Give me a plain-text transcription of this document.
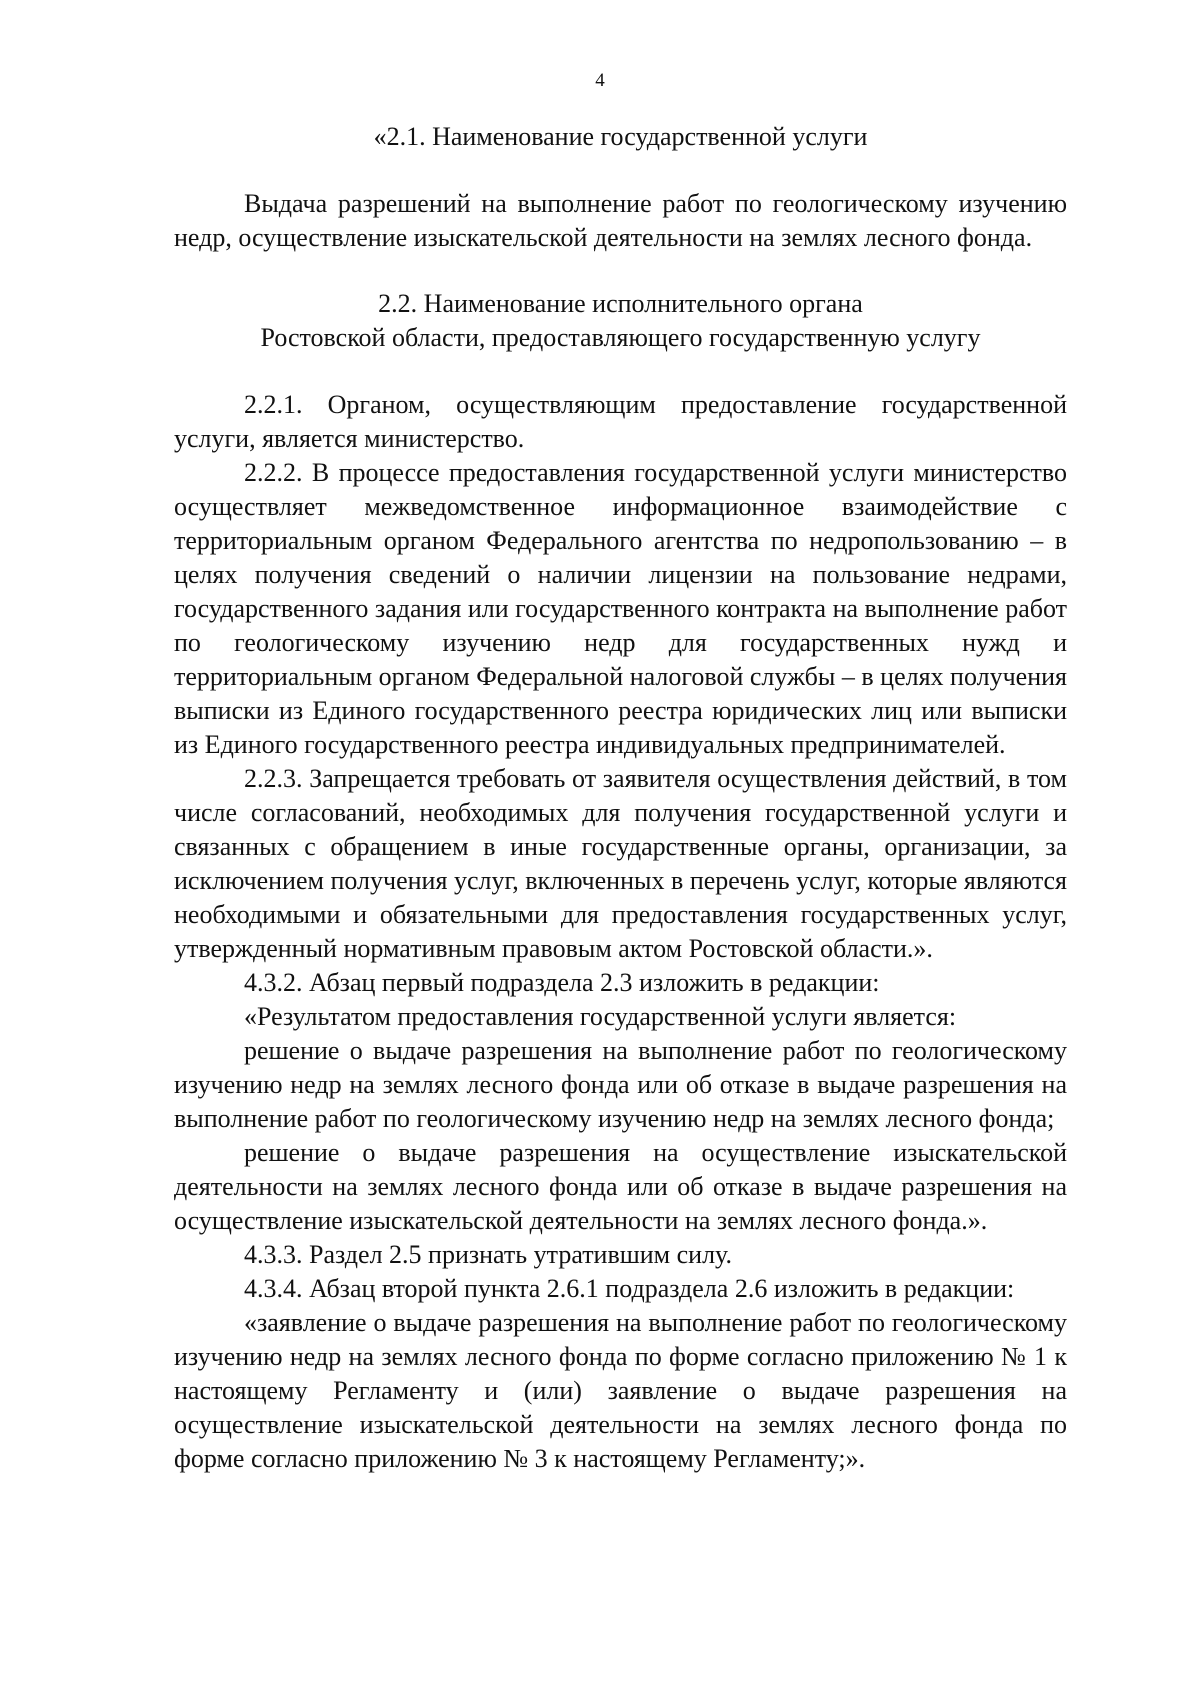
4

«2.1. Наименование государственной услуги

Выдача разрешений на выполнение работ по геологическому изучению недр, осуществление изыскательской деятельности на землях лесного фонда.

2.2. Наименование исполнительного органа

Ростовской области, предоставляющего государственную услугу

2.2.1. Органом, осуществляющим предоставление государственной услуги, является министерство.

2.2.2. В процессе предоставления государственной услуги министерство осуществляет межведомственное информационное взаимодействие с территориальным органом Федерального агентства по недропользованию – в целях получения сведений о наличии лицензии на пользование недрами, государственного задания или государственного контракта на выполнение работ по геологическому изучению недр для государственных нужд и территориальным органом Федеральной налоговой службы – в целях получения выписки из Единого государственного реестра юридических лиц или выписки из Единого государственного реестра индивидуальных предпринимателей.

2.2.3. Запрещается требовать от заявителя осуществления действий, в том числе согласований, необходимых для получения государственной услуги и связанных с обращением в иные государственные органы, организации, за исключением получения услуг, включенных в перечень услуг, которые являются необходимыми и обязательными для предоставления государственных услуг, утвержденный нормативным правовым актом Ростовской области.».

4.3.2. Абзац первый подраздела 2.3 изложить в редакции:

«Результатом предоставления государственной услуги является:

решение о выдаче разрешения на выполнение работ по геологическому изучению недр на землях лесного фонда или об отказе в выдаче разрешения на выполнение работ по геологическому изучению недр на землях лесного фонда;

решение о выдаче разрешения на осуществление изыскательской деятельности на землях лесного фонда или об отказе в выдаче разрешения на осуществление изыскательской деятельности на землях лесного фонда.».

4.3.3. Раздел 2.5 признать утратившим силу.

4.3.4. Абзац второй пункта 2.6.1 подраздела 2.6 изложить в редакции:

«заявление о выдаче разрешения на выполнение работ по геологическому изучению недр на землях лесного фонда по форме согласно приложению № 1 к настоящему Регламенту и (или) заявление о выдаче разрешения на осуществление изыскательской деятельности на землях лесного фонда по форме согласно приложению № 3 к настоящему Регламенту;».
